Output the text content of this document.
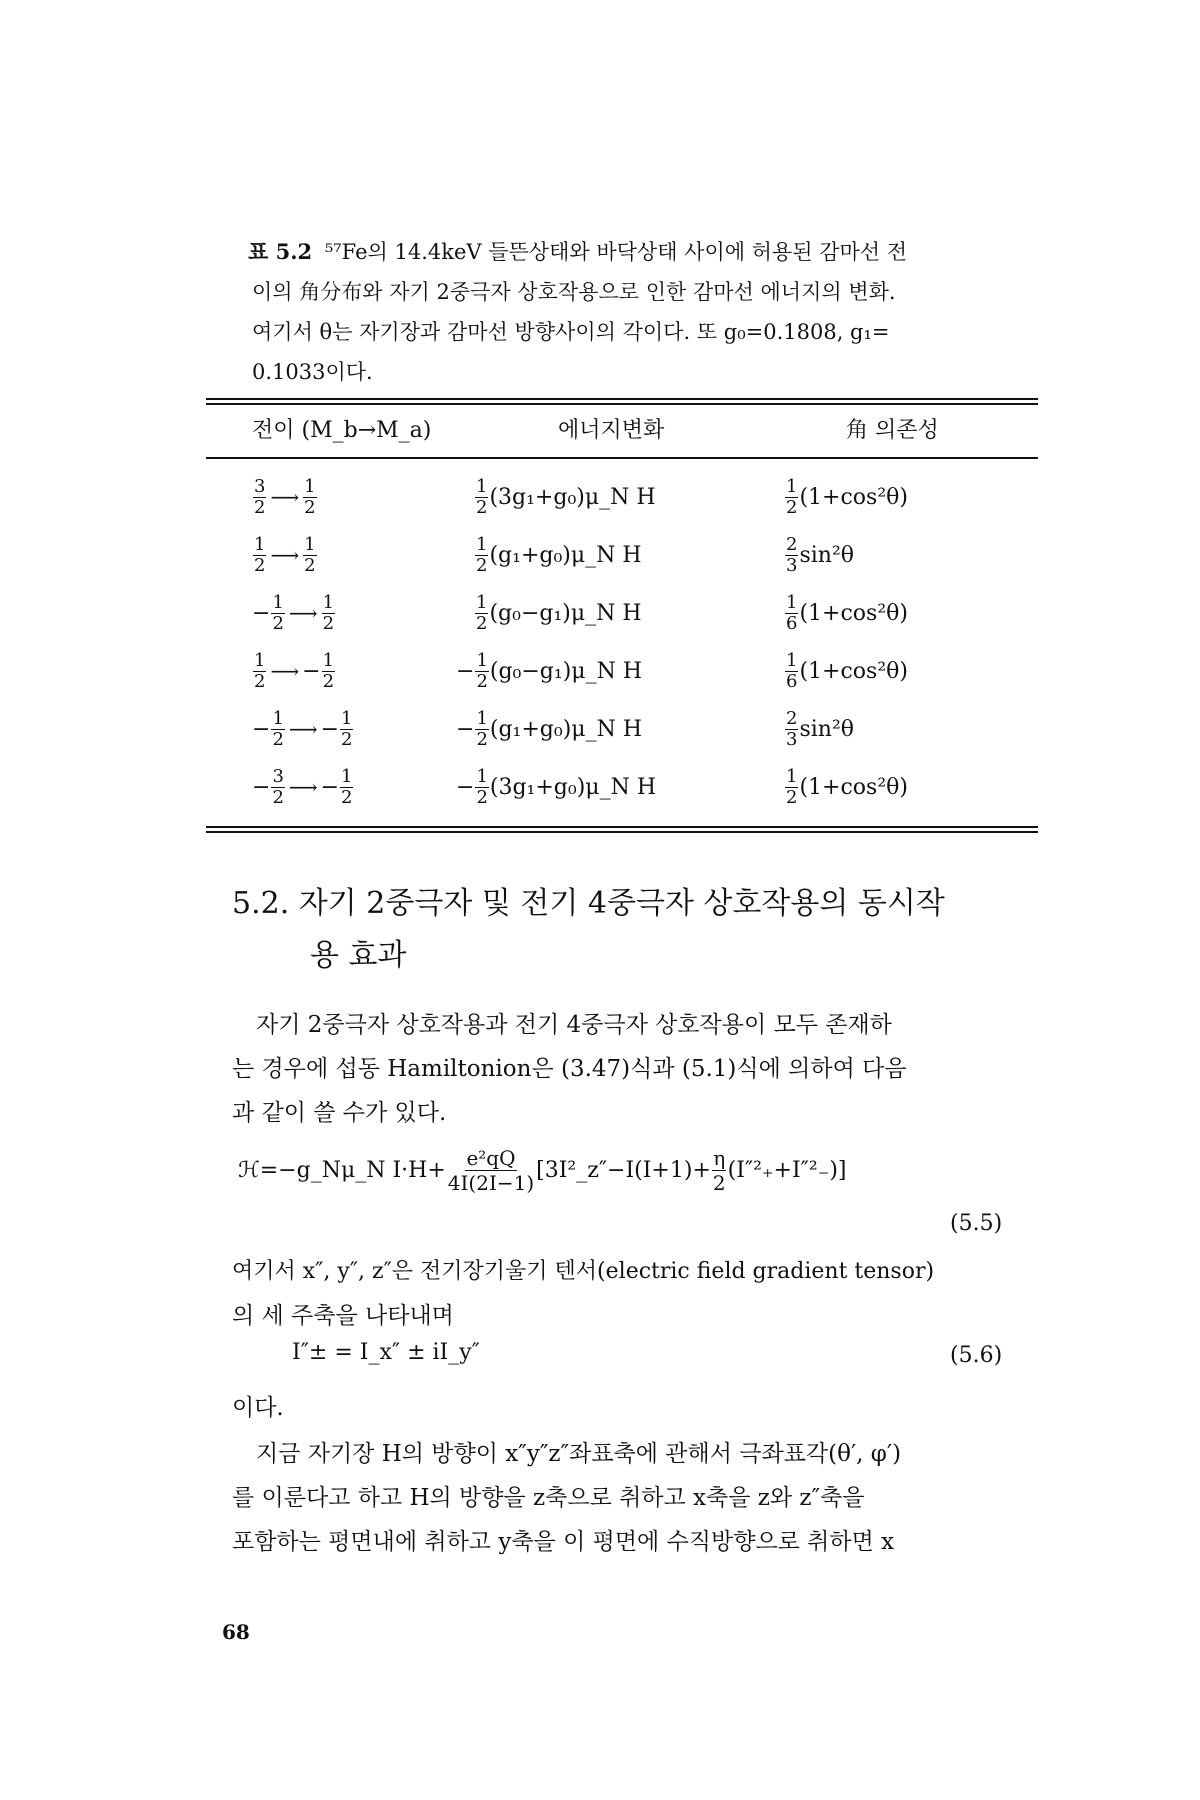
표 5.2 ⁵⁷Fe의 14.4keV 들뜬상태와 바닥상태 사이에 허용된 감마선 전
이의 角分布와 자기 2중극자 상호작용으로 인한 감마선 에너지의 변화.
여기서 θ는 자기장과 감마선 방향사이의 각이다. 또 g₀=0.1808, g₁=
0.1033이다.
전이 (M_b→M_a)	에너지변화	角 의존성
$\frac{3}{2}$ ⟶ $\frac{1}{2}$	$\frac{1}{2}$ (3g₁+g₀)μ_N H	$\frac{1}{2} (1+\cos^2\theta)$
$\frac{1}{2}$ ⟶ $\frac{1}{2}$	$\frac{1}{2}$ (g₁+g₀)μ_N H	$\frac{2}{3} \sin^2\theta$
− $\frac{1}{2}$ ⟶ $\frac{1}{2}$	$\frac{1}{2}$ (g₀−g₁)μ_N H	$\frac{1}{6} (1+\cos^2\theta)$
$\frac{1}{2}$ ⟶ − $\frac{1}{2}$	− $\frac{1}{2}$ (g₀−g₁)μ_N H	$\frac{1}{6} (1+\cos^2\theta)$
− $\frac{1}{2}$ ⟶ − $\frac{1}{2}$	− $\frac{1}{2}$ (g₁+g₀)μ_N H	$\frac{2}{3} \sin^2\theta$
− $\frac{3}{2}$ ⟶ − $\frac{1}{2}$	− $\frac{1}{2}$ (3g₁+g₀)μ_N H	$\frac{1}{2} (1+\cos^2\theta)$
5.2. 자기 2중극자 및 전기 4중극자 상호작용의 동시작
용 효과
자기 2중극자 상호작용과 전기 4중극자 상호작용이 모두 존재하
는 경우에 섭동 Hamiltonion은 (3.47)식과 (5.1)식에 의하여 다음
과 같이 쓸 수가 있다.
ℋ=−g_Nμ_N $I\cdot H+ \frac{\text{e²qQ}}{4I(2I-1)}$ [3I²_z″−I(I+1)+ $\frac{\eta}{2} (I''^2_++I''^2_-)$]
(5.5)
여기서 x″, y″, z″은 전기장기울기 텐서(electric field gradient tensor)
의 세 주축을 나타내며
I″± = I_x″ ± iI_y″	(5.6)
이다.
지금 자기장 H의 방향이 x″y″z″좌표축에 관해서 극좌표각(θ′, φ′)
를 이룬다고 하고 H의 방향을 z축으로 취하고 x축을 z와 z″축을
포함하는 평면내에 취하고 y축을 이 평면에 수직방향으로 취하면 x
68
